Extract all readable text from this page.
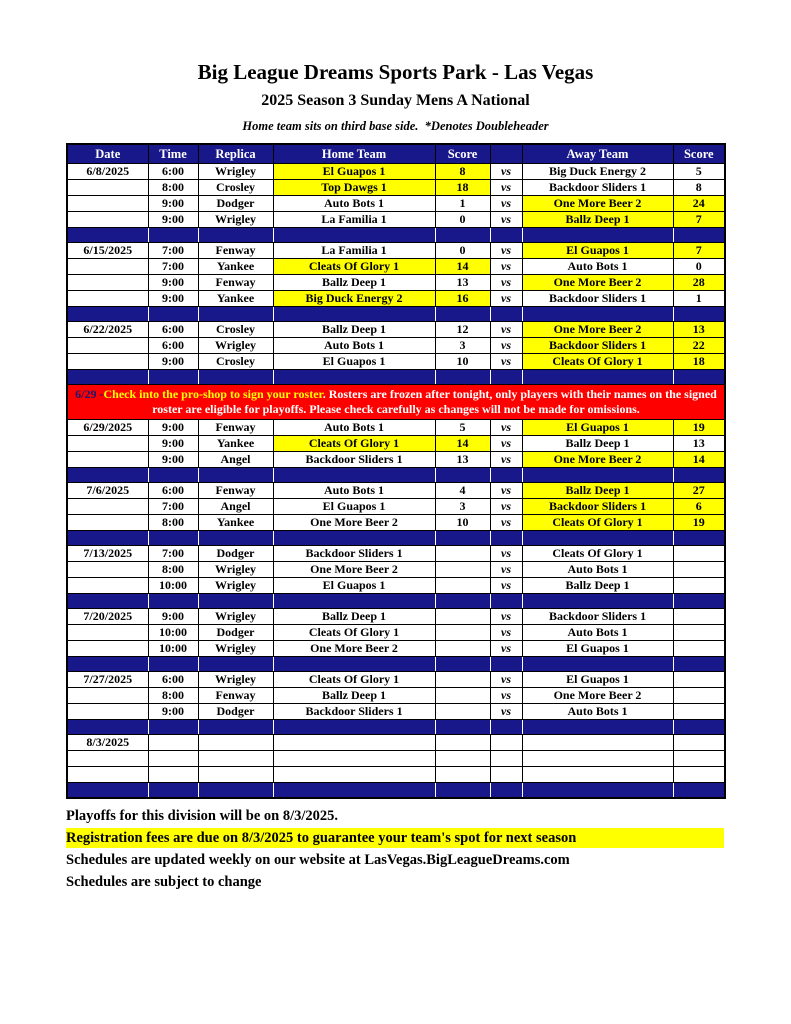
Big League Dreams Sports Park - Las Vegas
2025 Season 3 Sunday Mens A National
Home team sits on third base side.  *Denotes Doubleheader
Date	Time	Replica	Home Team	Score		Away Team	Score
6/8/2025	6:00	Wrigley	El Guapos 1	8	vs	Big Duck Energy 2	5
	8:00	Crosley	Top Dawgs 1	18	vs	Backdoor Sliders 1	8
	9:00	Dodger	Auto Bots 1	1	vs	One More Beer 2	24
	9:00	Wrigley	La Familia 1	0	vs	Ballz Deep 1	7

6/15/2025	7:00	Fenway	La Familia 1	0	vs	El Guapos 1	7
	7:00	Yankee	Cleats Of Glory 1	14	vs	Auto Bots 1	0
	9:00	Fenway	Ballz Deep 1	13	vs	One More Beer 2	28
	9:00	Yankee	Big Duck Energy 2	16	vs	Backdoor Sliders 1	1

6/22/2025	6:00	Crosley	Ballz Deep 1	12	vs	One More Beer 2	13
	6:00	Wrigley	Auto Bots 1	3	vs	Backdoor Sliders 1	22
	9:00	Crosley	El Guapos 1	10	vs	Cleats Of Glory 1	18

6/29 -Check into the pro-shop to sign your roster. Rosters are frozen after tonight, only players with their names on the signed roster are eligible for playoffs. Please check carefully as changes will not be made for omissions.							
6/29/2025	9:00	Fenway	Auto Bots 1	5	vs	El Guapos 1	19
	9:00	Yankee	Cleats Of Glory 1	14	vs	Ballz Deep 1	13
	9:00	Angel	Backdoor Sliders 1	13	vs	One More Beer 2	14

7/6/2025	6:00	Fenway	Auto Bots 1	4	vs	Ballz Deep 1	27
	7:00	Angel	El Guapos 1	3	vs	Backdoor Sliders 1	6
	8:00	Yankee	One More Beer 2	10	vs	Cleats Of Glory 1	19

7/13/2025	7:00	Dodger	Backdoor Sliders 1		vs	Cleats Of Glory 1	
	8:00	Wrigley	One More Beer 2		vs	Auto Bots 1	
	10:00	Wrigley	El Guapos 1		vs	Ballz Deep 1	

7/20/2025	9:00	Wrigley	Ballz Deep 1		vs	Backdoor Sliders 1	
	10:00	Dodger	Cleats Of Glory 1		vs	Auto Bots 1	
	10:00	Wrigley	One More Beer 2		vs	El Guapos 1	

7/27/2025	6:00	Wrigley	Cleats Of Glory 1		vs	El Guapos 1	
	8:00	Fenway	Ballz Deep 1		vs	One More Beer 2	
	9:00	Dodger	Backdoor Sliders 1		vs	Auto Bots 1	

8/3/2025							

Playoffs for this division will be on 8/3/2025.
Registration fees are due on 8/3/2025 to guarantee your team's spot for next season
Schedules are updated weekly on our website at LasVegas.BigLeagueDreams.com
Schedules are subject to change
